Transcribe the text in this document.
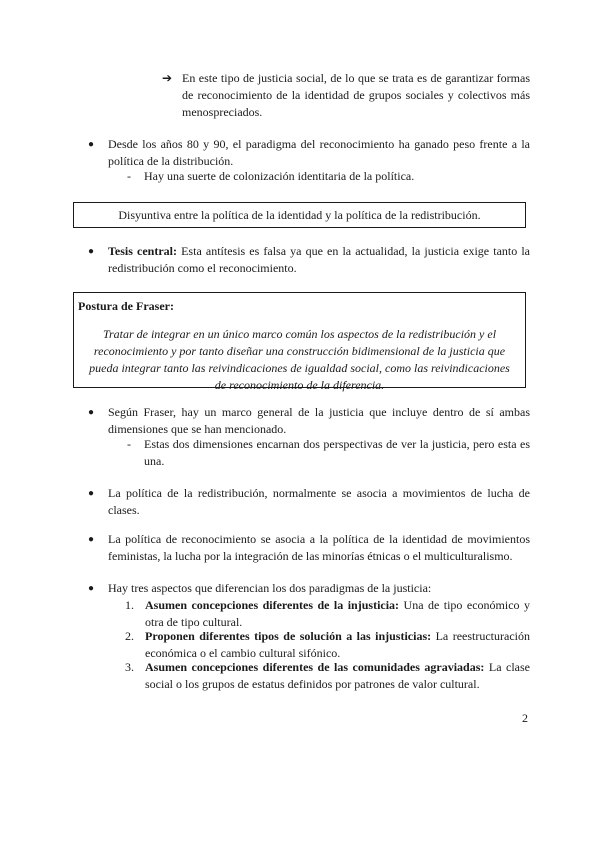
➔ En este tipo de justicia social, de lo que se trata es de garantizar formas de reconocimiento de la identidad de grupos sociales y colectivos más menospreciados.
● Desde los años 80 y 90, el paradigma del reconocimiento ha ganado peso frente a la política de la distribución.
- Hay una suerte de colonización identitaria de la política.
Disyuntiva entre la política de la identidad y la política de la redistribución.
● Tesis central: Esta antítesis es falsa ya que en la actualidad, la justicia exige tanto la redistribución como el reconocimiento.
Postura de Fraser:
Tratar de integrar en un único marco común los aspectos de la redistribución y el reconocimiento y por tanto diseñar una construcción bidimensional de la justicia que pueda integrar tanto las reivindicaciones de igualdad social, como las reivindicaciones de reconocimiento de la diferencia.
● Según Fraser, hay un marco general de la justicia que incluye dentro de sí ambas dimensiones que se han mencionado.
- Estas dos dimensiones encarnan dos perspectivas de ver la justicia, pero esta es una.
● La política de la redistribución, normalmente se asocia a movimientos de lucha de clases.
● La política de reconocimiento se asocia a la política de la identidad de movimientos feministas, la lucha por la integración de las minorías étnicas o el multiculturalismo.
● Hay tres aspectos que diferencian los dos paradigmas de la justicia:
1. Asumen concepciones diferentes de la injusticia: Una de tipo económico y otra de tipo cultural.
2. Proponen diferentes tipos de solución a las injusticias: La reestructuración económica o el cambio cultural sifónico.
3. Asumen concepciones diferentes de las comunidades agraviadas: La clase social o los grupos de estatus definidos por patrones de valor cultural.
2
